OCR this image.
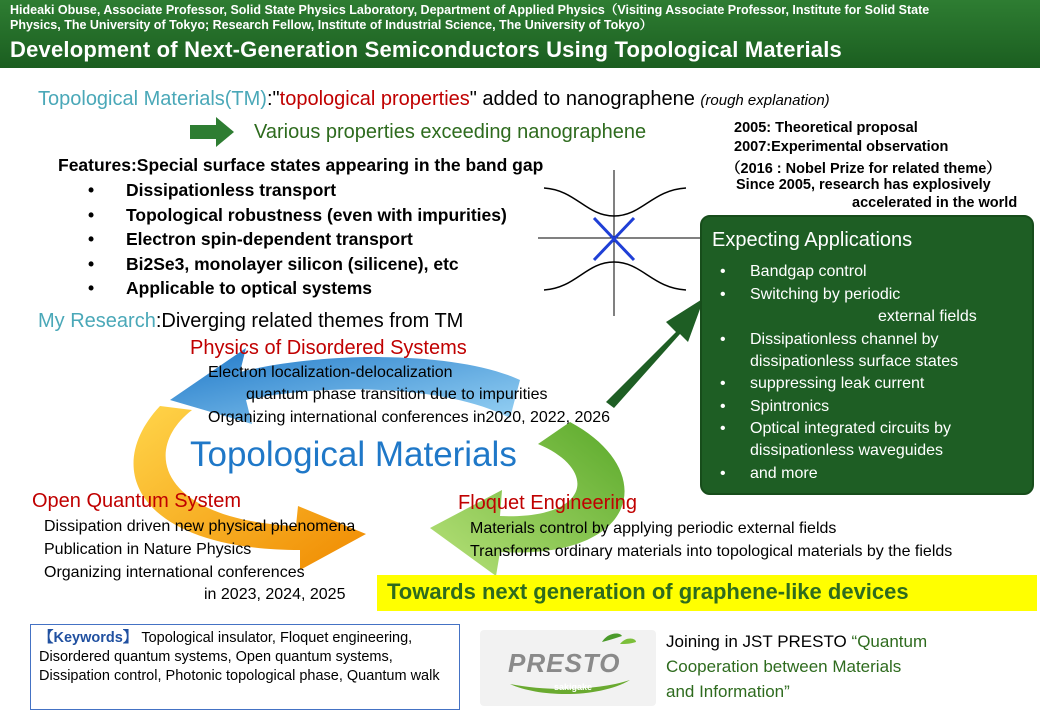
Hideaki Obuse, Associate Professor, Solid State Physics Laboratory, Department of Applied Physics（Visiting Associate Professor, Institute for Solid State
Physics, The University of Tokyo; Research Fellow, Institute of Industrial Science, The University of Tokyo）
Development of Next-Generation Semiconductors Using Topological Materials
Topological Materials(TM):"topological properties" added to nanographene (rough explanation)
Various properties exceeding nanographene	2005: Theoretical proposal
2007:Experimental observation
（2016 : Nobel Prize for related theme）
Since 2005, research has explosively
accelerated in the world
Features:Special surface states appearing in the band gap
• Dissipationless transport
• Topological robustness (even with impurities)
• Electron spin-dependent transport
• Bi2Se3, monolayer silicon (silicene), etc
• Applicable to optical systems
My Research:Diverging related themes from TM
Physics of Disordered Systems
Electron localization-delocalization
quantum phase transition due to impurities
Organizing international conferences in2020, 2022, 2026
Topological Materials
Open Quantum System
Dissipation driven new physical phenomena
Publication in Nature Physics
Organizing international conferences
in 2023, 2024, 2025
Floquet Engineering
Materials control by applying periodic external fields
Transforms ordinary materials into topological materials by the fields
Expecting Applications
• Bandgap control
• Switching by periodic
external fields
• Dissipationless channel by
dissipationless surface states
• suppressing leak current
• Spintronics
• Optical integrated circuits by
dissipationless waveguides
• and more
Towards next generation of graphene-like devices
【Keywords】 Topological insulator, Floquet engineering, Disordered quantum systems, Open quantum systems, Dissipation control, Photonic topological phase, Quantum walk	PRESTO
sakigake
Joining in JST PRESTO “Quantum
Cooperation between Materials
and Information”
